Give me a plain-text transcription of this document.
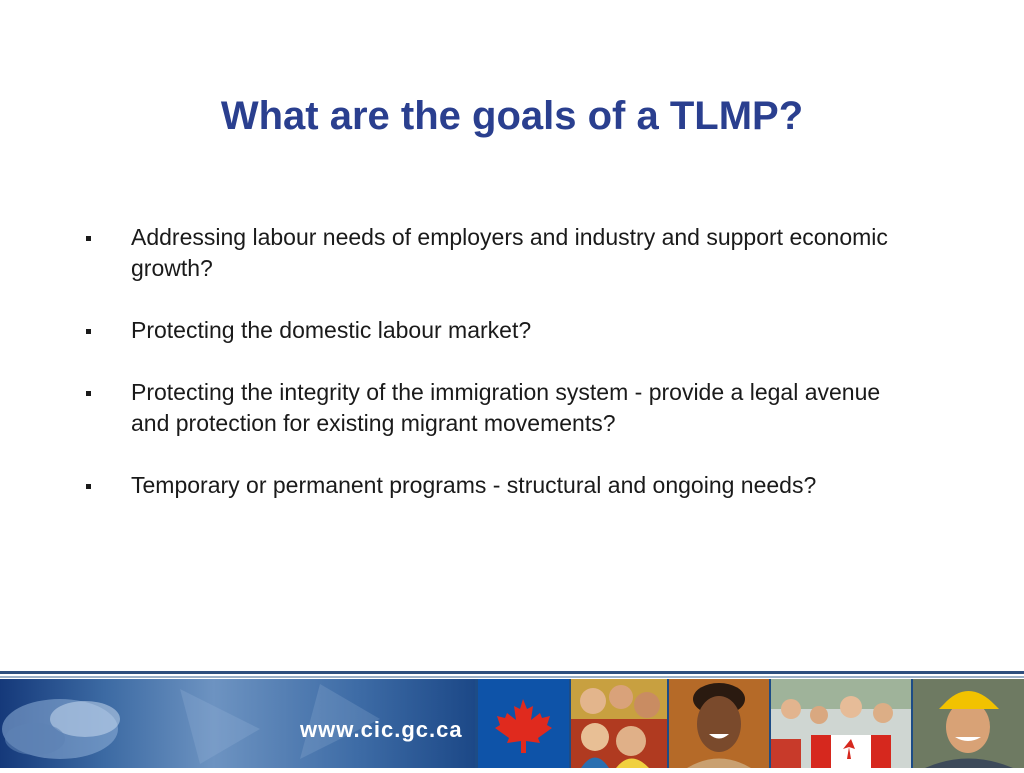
What are the goals of a TLMP?
Addressing labour needs of employers and industry and support economic growth?
Protecting the domestic labour market?
Protecting the integrity of the immigration system - provide a legal avenue and protection for existing migrant movements?
Temporary or permanent programs - structural and ongoing needs?
www.cic.gc.ca
